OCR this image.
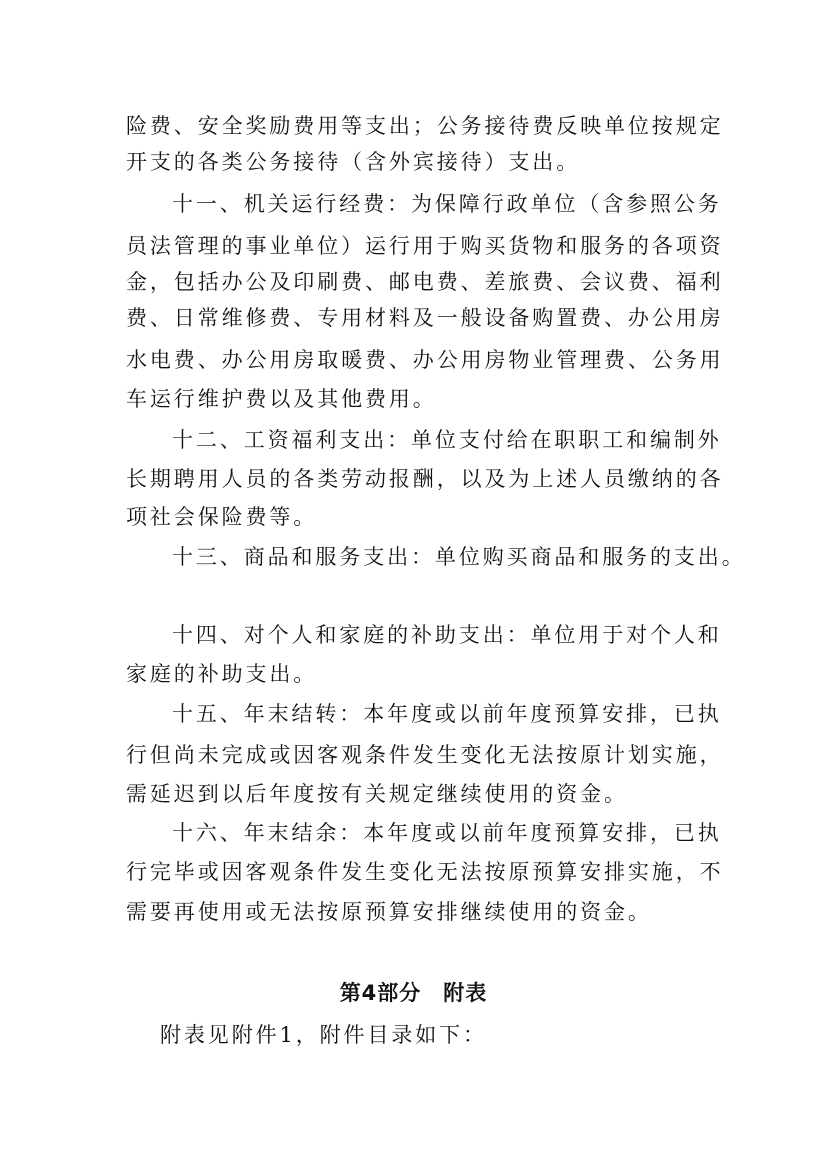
险费、安全奖励费用等支出；公务接待费反映单位按规定
开支的各类公务接待（含外宾接待）支出。
十一、机关运行经费：为保障行政单位（含参照公务
员法管理的事业单位）运行用于购买货物和服务的各项资
金，包括办公及印刷费、邮电费、差旅费、会议费、福利
费、日常维修费、专用材料及一般设备购置费、办公用房
水电费、办公用房取暖费、办公用房物业管理费、公务用
车运行维护费以及其他费用。
十二、工资福利支出：单位支付给在职职工和编制外
长期聘用人员的各类劳动报酬，以及为上述人员缴纳的各
项社会保险费等。
十三、商品和服务支出：单位购买商品和服务的支出。
十四、对个人和家庭的补助支出：单位用于对个人和
家庭的补助支出。
十五、年末结转：本年度或以前年度预算安排，已执
行但尚未完成或因客观条件发生变化无法按原计划实施，
需延迟到以后年度按有关规定继续使用的资金。
十六、年末结余：本年度或以前年度预算安排，已执
行完毕或因客观条件发生变化无法按原预算安排实施，不
需要再使用或无法按原预算安排继续使用的资金。
第4部分　附表
附表见附件1，附件目录如下：
